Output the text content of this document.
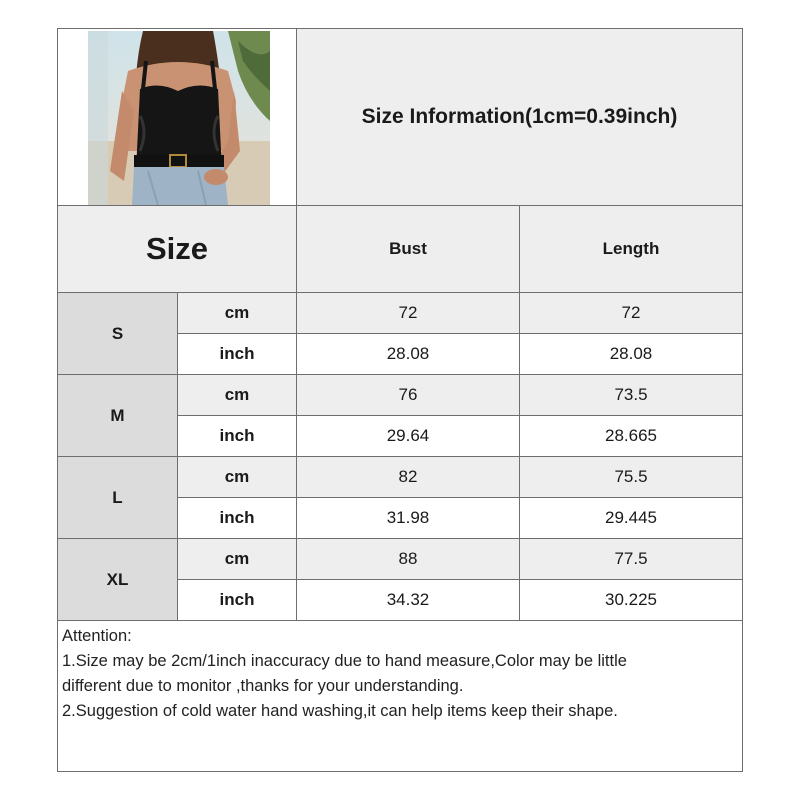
Size Information(1cm=0.39inch)
Size	Bust	Length
S
cm	72	72
inch	28.08	28.08
M
cm	76	73.5
inch	29.64	28.665
L
cm	82	75.5
inch	31.98	29.445
XL
cm	88	77.5
inch	34.32	30.225
Attention:
1.Size may be 2cm/1inch inaccuracy due to hand measure,Color may be little
different due to monitor ,thanks for your understanding.
2.Suggestion of cold water hand washing,it can help items keep their shape.
